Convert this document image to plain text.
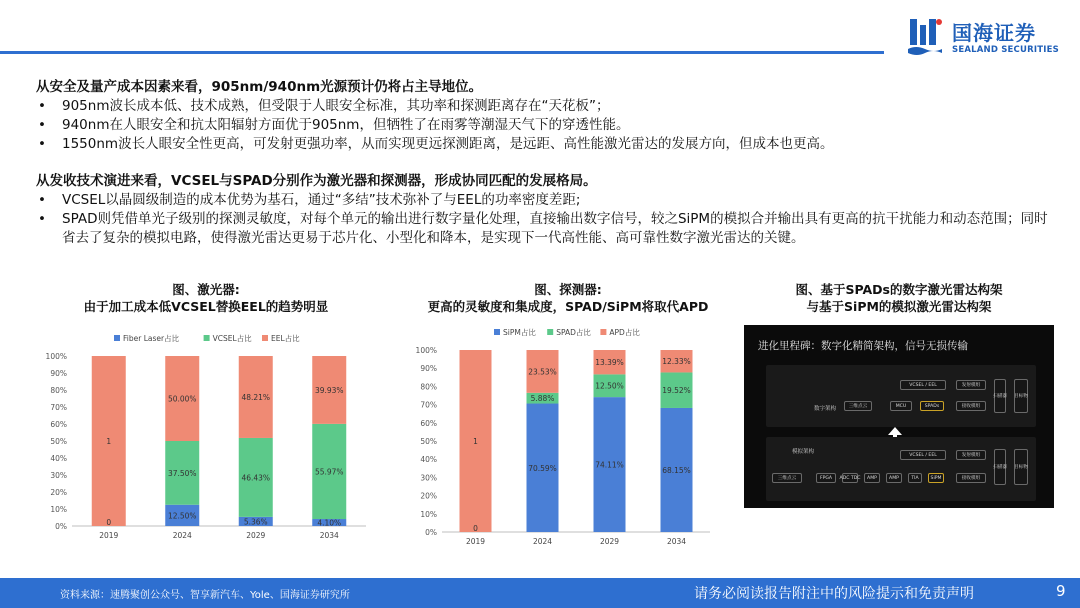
国海证券
SEALAND SECURITIES
从安全及量产成本因素来看，905nm/940nm光源预计仍将占主导地位。
• 905nm波长成本低、技术成熟，但受限于人眼安全标准，其功率和探测距离存在“天花板”；
• 940nm在人眼安全和抗太阳辐射方面优于905nm，但牺牲了在雨雾等潮湿天气下的穿透性能。
• 1550nm波长人眼安全性更高，可发射更强功率，从而实现更远探测距离，是远距、高性能激光雷达的发展方向，但成本也更高。
从发收技术演进来看，VCSEL与SPAD分别作为激光器和探测器，形成协同匹配的发展格局。
• VCSEL以晶圆级制造的成本优势为基石，通过“多结”技术弥补了与EEL的功率密度差距;
• SPAD则凭借单光子级别的探测灵敏度，对每个单元的输出进行数字量化处理，直接输出数字信号，较之SiPM的模拟合并输出具有更高的抗干扰能力和动态范围；同时省去了复杂的模拟电路，使得激光雷达更易于芯片化、小型化和降本，是实现下一代高性能、高可靠性数字激光雷达的关键。
图、激光器:
由于加工成本低VCSEL替换EEL的趋势明显
图、探测器:
更高的灵敏度和集成度，SPAD/SiPM将取代APD
图、基于SPADs的数字激光雷达构架
与基于SiPM的模拟激光雷达构架
Fiber Laser占比	VCSEL占比	EEL占比
0%
10%
20%
30%
40%
50%
60%
70%
80%
90%
100%
0
1
2019
12.50%
37.50%
50.00%
2024
5.36%
46.43%
48.21%
2029
4.10%
55.97%
39.93%
2034
SiPM占比	SPAD占比 APD占比
0%
10%
20%
30%
40%
50%
60%
70%
80%
90%
100%
0
1
2019
70.59%
5.88%
23.53%
2024
74.11%
12.50%
13.39%
2029
68.15%
19.52%
12.33%
2034
进化里程碑：数字化精简架构，信号无损传输
数字架构	三维点云	MCU	SPADs
VCSEL / EEL	发射模组
接收模组
扫描器 目标物
模拟架构
三维点云	FPGA	ADC TDC	AMP	AMP	TIA	SiPM
VCSEL / EEL	发射模组
接收模组
扫描器 目标物
资料来源：速腾聚创公众号、智享新汽车、Yole、国海证券研究所	请务必阅读报告附注中的风险提示和免责声明	9
